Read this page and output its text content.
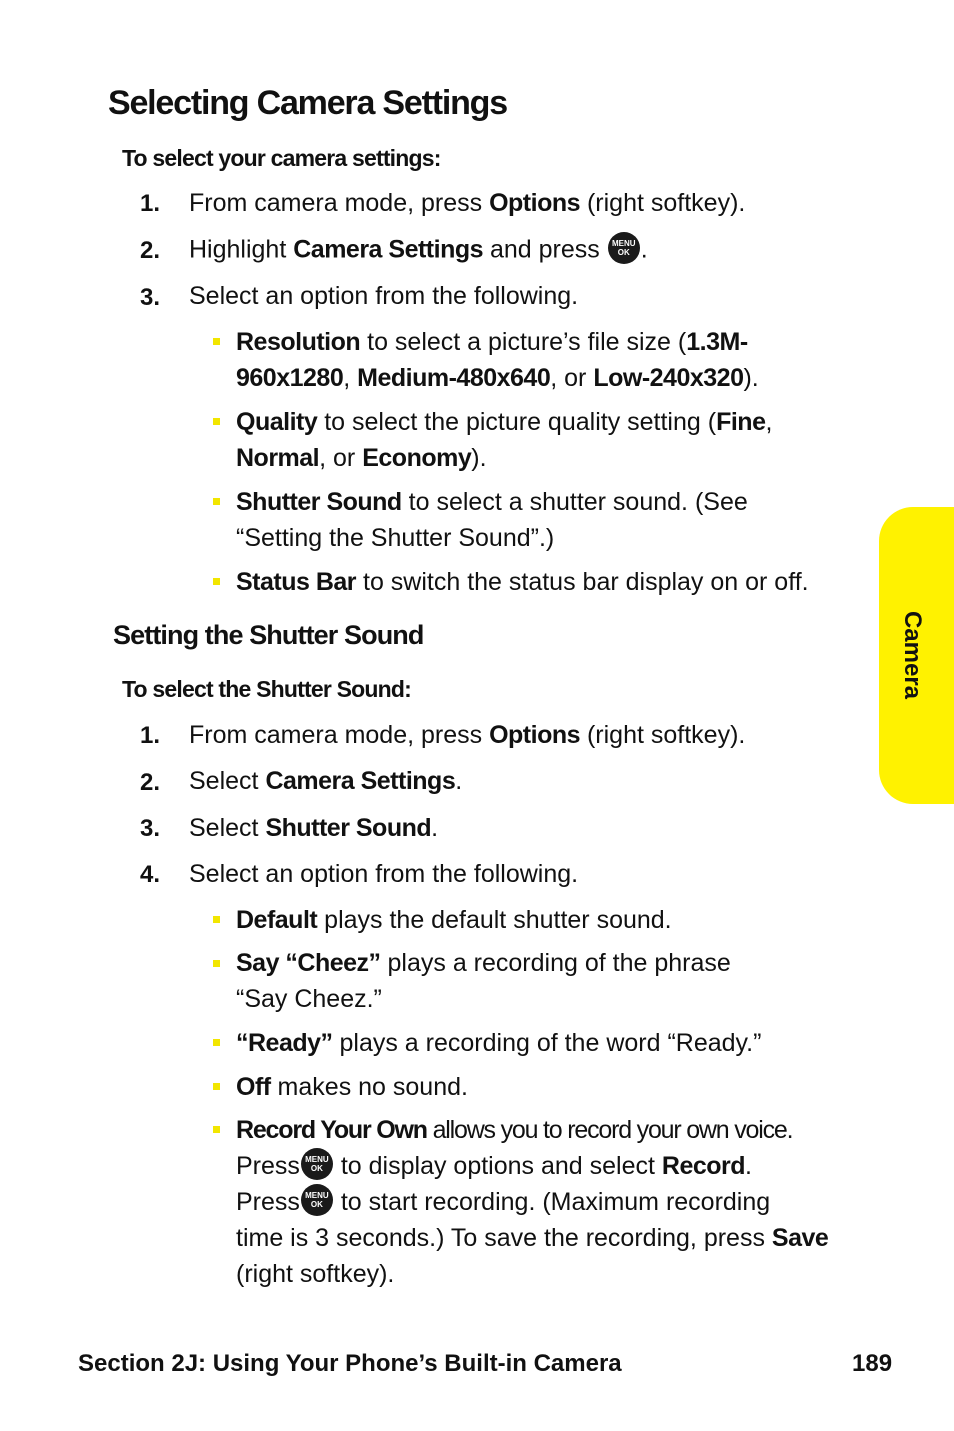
Selecting Camera Settings
To select your camera settings:
1. From camera mode, press Options (right softkey).
2. Highlight Camera Settings and press	MENU
OK .
3. Select an option from the following.
Resolution to select a picture’s file size (1.3M-
960x1280, Medium-480x640, or Low-240x320).
Quality to select the picture quality setting (Fine,
Normal, or Economy).
Shutter Sound to select a shutter sound. (See
“Setting the Shutter Sound”.)
Status Bar to switch the status bar display on or off.
Setting the Shutter Sound
To select the Shutter Sound:
1. From camera mode, press Options (right softkey).
2. Select Camera Settings.
3. Select Shutter Sound.
4. Select an option from the following.
Default plays the default shutter sound.
Say “Cheez” plays a recording of the phrase
“Say Cheez.”
“Ready” plays a recording of the word “Ready.”
Off makes no sound.
Record Your Own allows you to record your own voice.
Press MENU
OK to display options and select Record.
Press MENU
OK to start recording. (Maximum recording
time is 3 seconds.) To save the recording, press Save
(right softkey).
Camera
Section 2J: Using Your Phone’s Built-in Camera	189
